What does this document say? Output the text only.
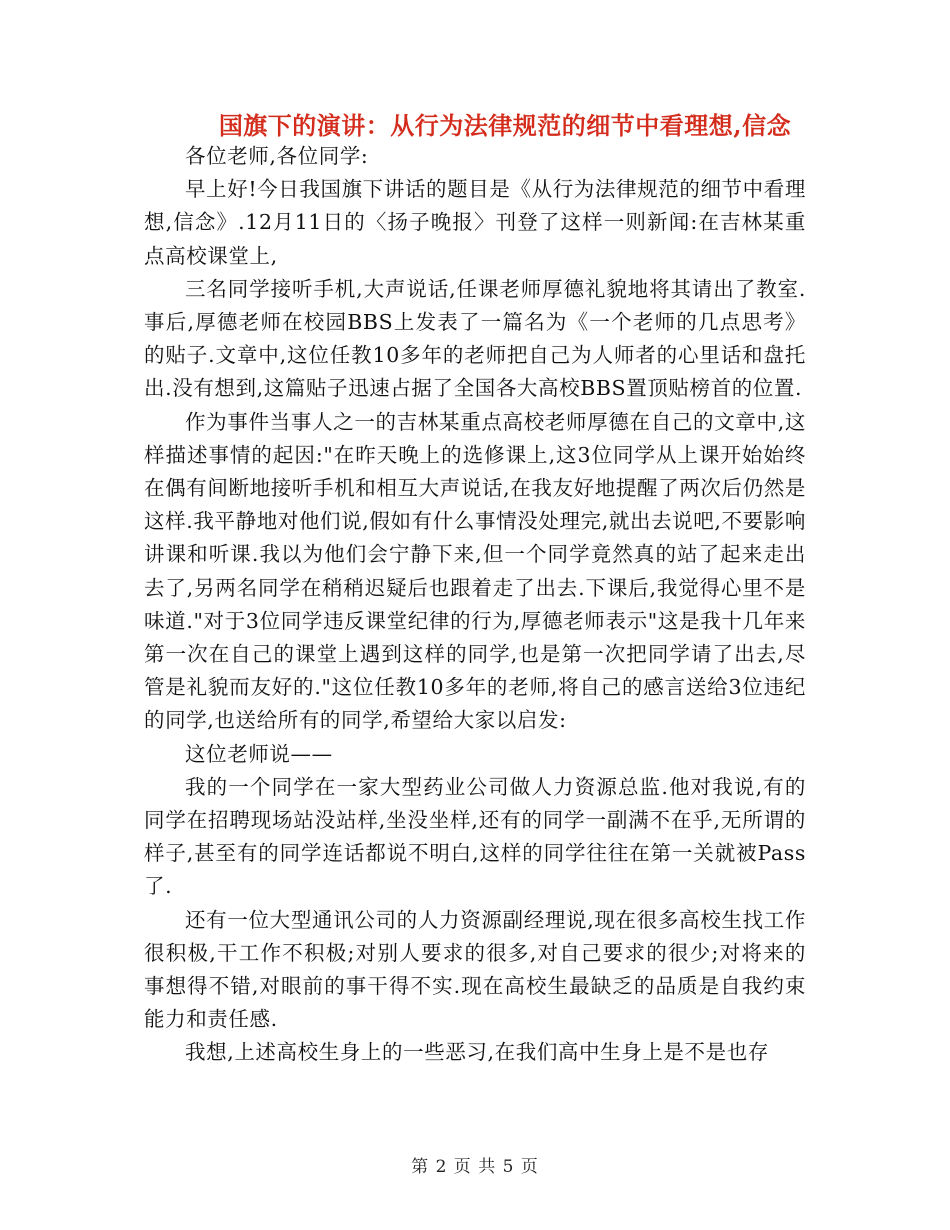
国旗下的演讲：从行为法律规范的细节中看理想,信念

各位老师,各位同学:

早上好!今日我国旗下讲话的题目是《从行为法律规范的细节中看理想,信念》.12月11日的〈扬子晚报〉刊登了这样一则新闻:在吉林某重点高校课堂上,

三名同学接听手机,大声说话,任课老师厚德礼貌地将其请出了教室.事后,厚德老师在校园BBS上发表了一篇名为《一个老师的几点思考》的贴子.文章中,这位任教10多年的老师把自己为人师者的心里话和盘托出.没有想到,这篇贴子迅速占据了全国各大高校BBS置顶贴榜首的位置.

作为事件当事人之一的吉林某重点高校老师厚德在自己的文章中,这样描述事情的起因:"在昨天晚上的选修课上,这3位同学从上课开始始终在偶有间断地接听手机和相互大声说话,在我友好地提醒了两次后仍然是这样.我平静地对他们说,假如有什么事情没处理完,就出去说吧,不要影响讲课和听课.我以为他们会宁静下来,但一个同学竟然真的站了起来走出去了,另两名同学在稍稍迟疑后也跟着走了出去.下课后,我觉得心里不是味道."对于3位同学违反课堂纪律的行为,厚德老师表示"这是我十几年来第一次在自己的课堂上遇到这样的同学,也是第一次把同学请了出去,尽管是礼貌而友好的."这位任教10多年的老师,将自己的感言送给3位违纪的同学,也送给所有的同学,希望给大家以启发:

这位老师说——

我的一个同学在一家大型药业公司做人力资源总监.他对我说,有的同学在招聘现场站没站样,坐没坐样,还有的同学一副满不在乎,无所谓的样子,甚至有的同学连话都说不明白,这样的同学往往在第一关就被Pass了.

还有一位大型通讯公司的人力资源副经理说,现在很多高校生找工作很积极,干工作不积极;对别人要求的很多,对自己要求的很少;对将来的事想得不错,对眼前的事干得不实.现在高校生最缺乏的品质是自我约束能力和责任感.

我想,上述高校生身上的一些恶习,在我们高中生身上是不是也存

第 2 页 共 5 页
